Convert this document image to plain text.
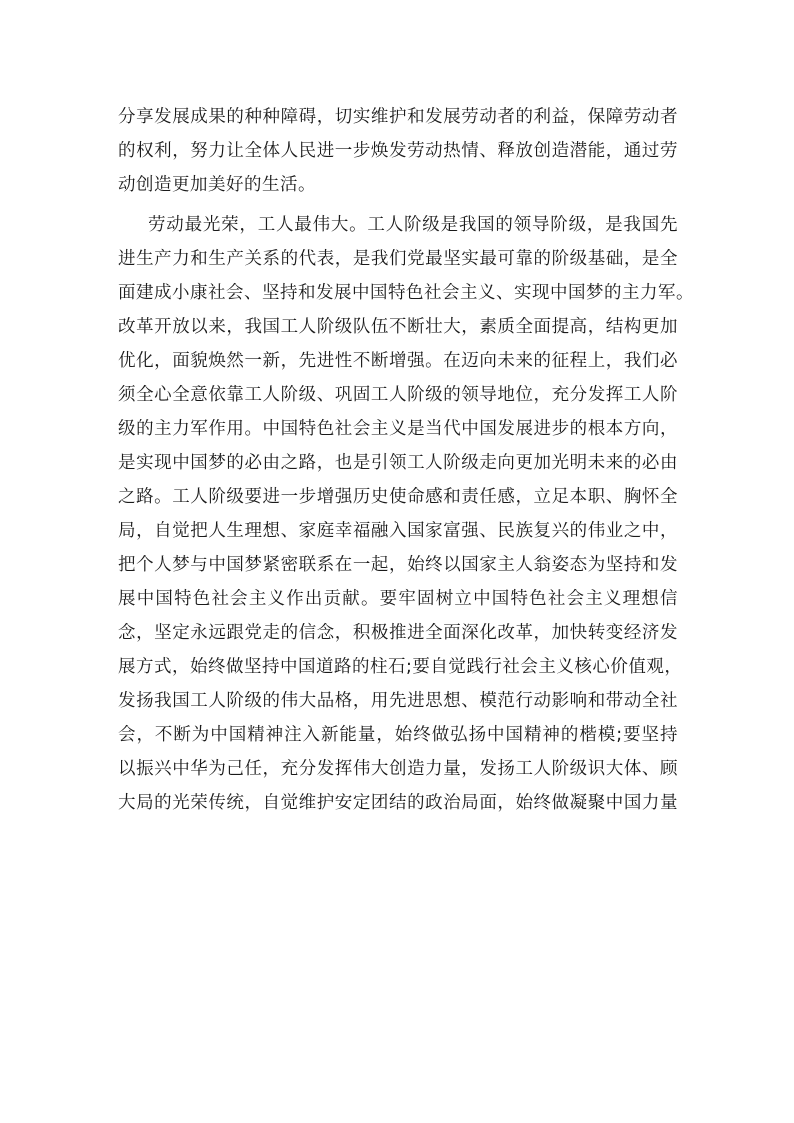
分享发展成果的种种障碍，切实维护和发展劳动者的利益，保障劳动者
的权利，努力让全体人民进一步焕发劳动热情、释放创造潜能，通过劳
动创造更加美好的生活。
劳动最光荣，工人最伟大。工人阶级是我国的领导阶级，是我国先
进生产力和生产关系的代表，是我们党最坚实最可靠的阶级基础，是全
面建成小康社会、坚持和发展中国特色社会主义、实现中国梦的主力军。
改革开放以来，我国工人阶级队伍不断壮大，素质全面提高，结构更加
优化，面貌焕然一新，先进性不断增强。在迈向未来的征程上，我们必
须全心全意依靠工人阶级、巩固工人阶级的领导地位，充分发挥工人阶
级的主力军作用。中国特色社会主义是当代中国发展进步的根本方向，
是实现中国梦的必由之路，也是引领工人阶级走向更加光明未来的必由
之路。工人阶级要进一步增强历史使命感和责任感，立足本职、胸怀全
局，自觉把人生理想、家庭幸福融入国家富强、民族复兴的伟业之中，
把个人梦与中国梦紧密联系在一起，始终以国家主人翁姿态为坚持和发
展中国特色社会主义作出贡献。要牢固树立中国特色社会主义理想信
念，坚定永远跟党走的信念，积极推进全面深化改革，加快转变经济发
展方式，始终做坚持中国道路的柱石;要自觉践行社会主义核心价值观，
发扬我国工人阶级的伟大品格，用先进思想、模范行动影响和带动全社
会，不断为中国精神注入新能量，始终做弘扬中国精神的楷模;要坚持
以振兴中华为己任，充分发挥伟大创造力量，发扬工人阶级识大体、顾
大局的光荣传统，自觉维护安定团结的政治局面，始终做凝聚中国力量
